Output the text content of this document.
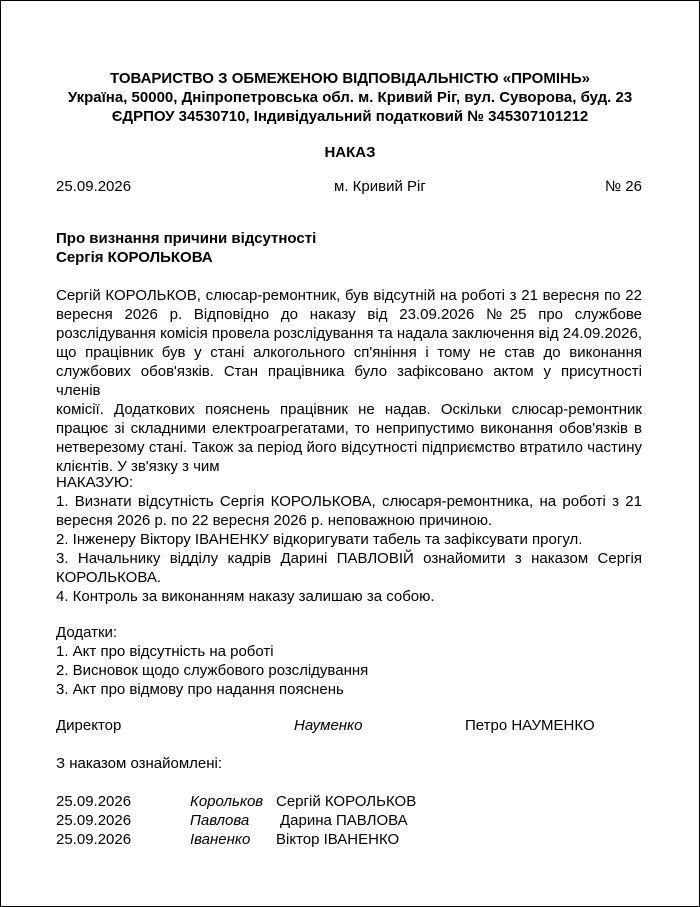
ТОВАРИСТВО З ОБМЕЖЕНОЮ ВІДПОВІДАЛЬНІСТЮ «ПРОМІНЬ»
Україна, 50000, Дніпропетровська обл. м. Кривий Ріг, вул. Суворова, буд. 23
ЄДРПОУ 34530710, Індивідуальний податковий № 345307101212
НАКАЗ
25.09.2026	м. Кривий Ріг	№ 26
Про визнання причини відсутності
Сергія КОРОЛЬКОВА
Сергій КОРОЛЬКОВ, слюсар-ремонтник, був відсутній на роботі з 21 вересня по 22
вересня 2026 р. Відповідно до наказу від 23.09.2026 №25 про службове
розслідування комісія провела розслідування та надала заключення від 24.09.2026,
що працівник був у стані алкогольного сп'яніння і тому не став до виконання
службових обов'язків. Стан працівника було зафіксовано актом у присутності членів
комісії. Додаткових пояснень працівник не надав. Оскільки слюсар-ремонтник
працює зі складними електроагрегатами, то неприпустимо виконання обов'язків в
нетверезому стані. Також за період його відсутності підприємство втратило частину
клієнтів. У зв'язку з чим
НАКАЗУЮ:
1. Визнати відсутність Сергія КОРОЛЬКОВА, слюсаря-ремонтника, на роботі з 21
вересня 2026 р. по 22 вересня 2026 р. неповажною причиною.
2. Інженеру Віктору ІВАНЕНКУ відкоригувати табель та зафіксувати прогул.
3. Начальнику відділу кадрів Дарині ПАВЛОВІЙ ознайомити з наказом Сергія
КОРОЛЬКОВА.
4. Контроль за виконанням наказу залишаю за собою.
Додатки:
1. Акт про відсутність на роботі
2. Висновок щодо службового розслідування
3. Акт про відмову про надання пояснень
Директор	Науменко	Петро НАУМЕНКО
З наказом ознайомлені:
25.09.2026	Корольков Сергій КОРОЛЬКОВ
25.09.2026	Павлова Дарина ПАВЛОВА
25.09.2026	Іваненко Віктор ІВАНЕНКО
